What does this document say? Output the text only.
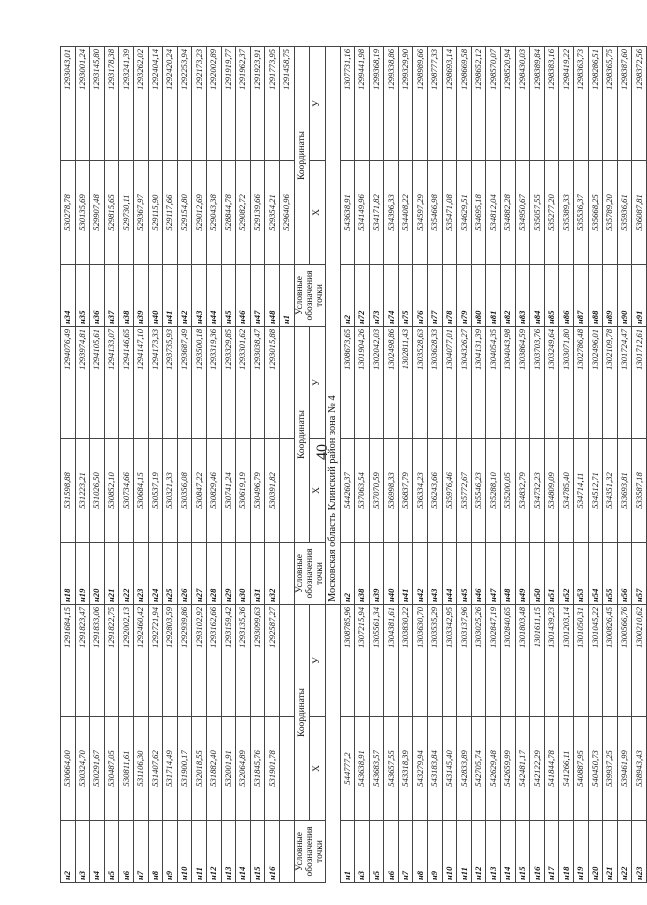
40
н2	530664,00	1291684,15	н18	531598,88	1294076,49	н34	530278,78	1293043,01
н3	530324,70	1291823,47	н19	531223,21	1293974,81	н35	530135,69	1293001,24
н4	530291,67	1291833,06	н20	531026,50	1294105,61	н36	529907,48	1293145,80
н5	530487,05	1291822,75	н21	530852,10	1294133,07	н37	529815,65	1293178,38
н6	530811,61	1292002,13	н22	530734,66	1294146,65	н38	529730,11	1293241,39
н7	531106,30	1292460,42	н23	530684,15	1294147,10	н39	529367,97	1293262,02
н8	531407,62	1292721,94	н24	530537,19	1294173,33	н40	529115,90	1292404,14
н9	531714,49	1292803,59	н25	530321,33	1293735,93	н41	529117,66	1292420,24
н10	531900,17	1292939,86	н26	530356,08	1293687,49	н42	529154,80	1292253,94
н11	532018,55	1293102,92	н27	530847,22	1293500,18	н43	529012,69	1292173,23
н12	531882,40	1293162,66	н28	530829,46	1293319,36	н44	529043,38	1292002,89
н13	532001,91	1293159,42	н29	530741,24	1293329,85	н45	528844,78	1291919,77
н14	532064,89	1293135,36	н30	530619,19	1293301,62	н46	529082,72	1291962,37
н15	531845,76	1293099,63	н31	530496,79	1293038,47	н47	529139,66	1291923,91
н16	531901,78	1292587,27	н32	530391,82	1293015,88	н48	529354,21	1291773,95
						н1	529640,96	1291458,75
Условные обозначения точки	Координаты		Условные обозначения точки	Координаты		Условные обозначения точки	Координаты	
	X	У		X	У		X	У
			Московская область Клинский район зона № 4					
н1	544777,2	1308785,96	н2	544260,37	1308673,65	н2	543638,91	1307731,16
н3	543638,91	1307215,94	н38	537063,54	1301904,26	н72	534149,96	1299441,98
н5	543683,57	1305561,34	н39	537070,59	1302042,03	н73	534171,82	1299368,19
н6	543657,55	1304381,61	н40	536998,33	1302498,86	н74	534396,33	1299338,86
н7	543318,39	1303830,22	н41	536837,79	1302811,43	н75	534408,22	1299329,90
н8	543279,94	1303630,70	н42	536334,23	1303528,63	н76	534597,29	1298989,66
н9	543183,84	1303535,29	н43	536243,66	1303628,33	н77	535466,98	1298777,33
н10	543145,40	1303342,95	н44	535976,46	1304077,01	н78	535471,08	1298693,14
н11	542833,89	1303137,96	н45	535772,67	1304326,27	н79	534629,51	1298669,58
н12	542705,74	1303025,26	н46	535546,23	1304131,39	н80	534695,18	1298652,12
н13	542629,48	1302847,19	н47	535288,10	1304054,35	н81	534812,04	1298570,07
н14	542659,99	1302840,65	н48	535200,05	1304043,98	н82	534882,28	1298520,94
н15	542481,17	1301803,48	н49	534832,79	1303864,59	н83	534950,67	1298430,03
н16	542122,29	1301611,15	н50	534732,23	1303703,76	н84	535057,55	1298389,84
н17	541844,78	1301439,23	н51	534809,09	1303249,64	н85	535277,20	1298383,16
н18	541266,11	1301203,14	н52	534785,40	1303071,80	н86	535389,33	1298419,22
н19	540887,95	1301050,31	н53	534714,11	1302786,48	н87	535536,37	1298363,73
н20	540450,73	1301045,22	н54	534512,71	1302496,01	н88	535668,25	1298286,51
н21	539937,25	1300826,45	н55	534351,32	1302109,78	н89	535789,20	1298365,75
н22	539461,99	1300566,76	н56	533693,81	1301724,47	н90	535936,61	1298387,60
н23	538943,43	1300210,62	н57	533587,18	1301712,61	н91	536087,81	1298372,56
